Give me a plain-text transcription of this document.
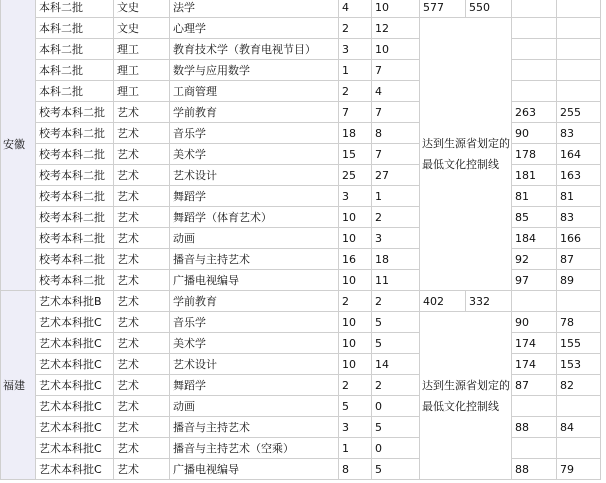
安徽	本科二批	文史	法学	4	10	577	550		
	本科二批	文史	心理学	2	12	达到生源省划定的最低文化控制线			
	本科二批	理工	教育技术学（教育电视节目）	3	10				
	本科二批	理工	数学与应用数学	1	7				
	本科二批	理工	工商管理	2	4				
	校考本科二批	艺术	学前教育	7	7			263	255
	校考本科二批	艺术	音乐学	18	8			90	83
	校考本科二批	艺术	美术学	15	7			178	164
	校考本科二批	艺术	艺术设计	25	27			181	163
	校考本科二批	艺术	舞蹈学	3	1			81	81
	校考本科二批	艺术	舞蹈学（体育艺术）	10	2			85	83
	校考本科二批	艺术	动画	10	3			184	166
	校考本科二批	艺术	播音与主持艺术	16	18			92	87
	校考本科二批	艺术	广播电视编导	10	11			97	89
福建	艺术本科批B	艺术	学前教育	2	2	402	332		
	艺术本科批C	艺术	音乐学	10	5	达到生源省划定的最低文化控制线		90	78
	艺术本科批C	艺术	美术学	10	5			174	155
	艺术本科批C	艺术	艺术设计	10	14			174	153
	艺术本科批C	艺术	舞蹈学	2	2			87	82
	艺术本科批C	艺术	动画	5	0				
	艺术本科批C	艺术	播音与主持艺术	3	5			88	84
	艺术本科批C	艺术	播音与主持艺术（空乘）	1	0				
	艺术本科批C	艺术	广播电视编导	8	5			88	79
